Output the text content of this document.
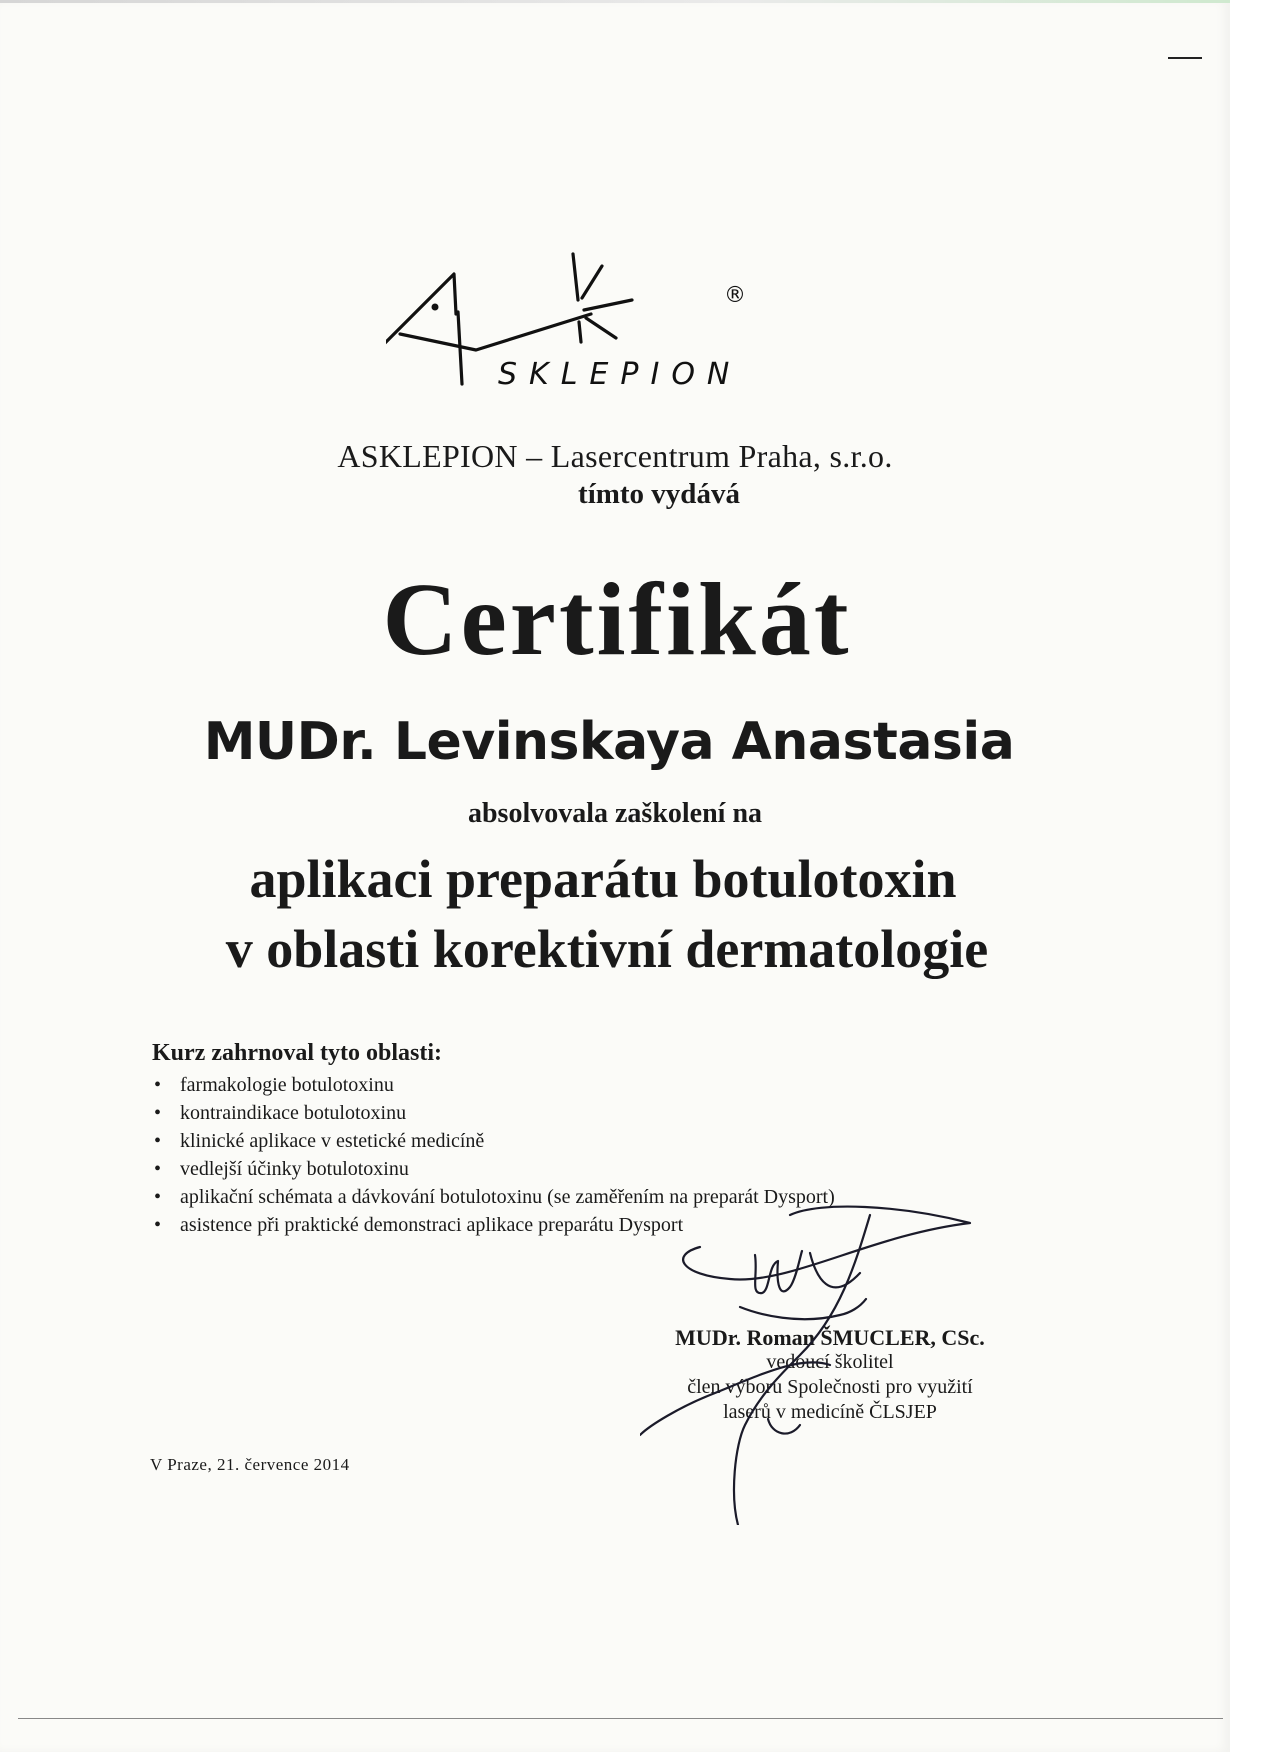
®
SKLEPION
ASKLEPION – Lasercentrum Praha, s.r.o.
tímto vydává
Certifikát
MUDr. Levinskaya Anastasia
absolvovala zaškolení na
aplikaci preparátu botulotoxin
v oblasti korektivní dermatologie
Kurz zahrnoval tyto oblasti:
• farmakologie botulotoxinu
• kontraindikace botulotoxinu
• klinické aplikace v estetické medicíně
• vedlejší účinky botulotoxinu
• aplikační schémata a dávkování botulotoxinu (se zaměřením na preparát Dysport)
• asistence při praktické demonstraci aplikace preparátu Dysport
MUDr. Roman ŠMUCLER, CSc.
vedoucí školitel
člen výboru Společnosti pro využití
laserů v medicíně ČLSJEP
V Praze, 21. července 2014
